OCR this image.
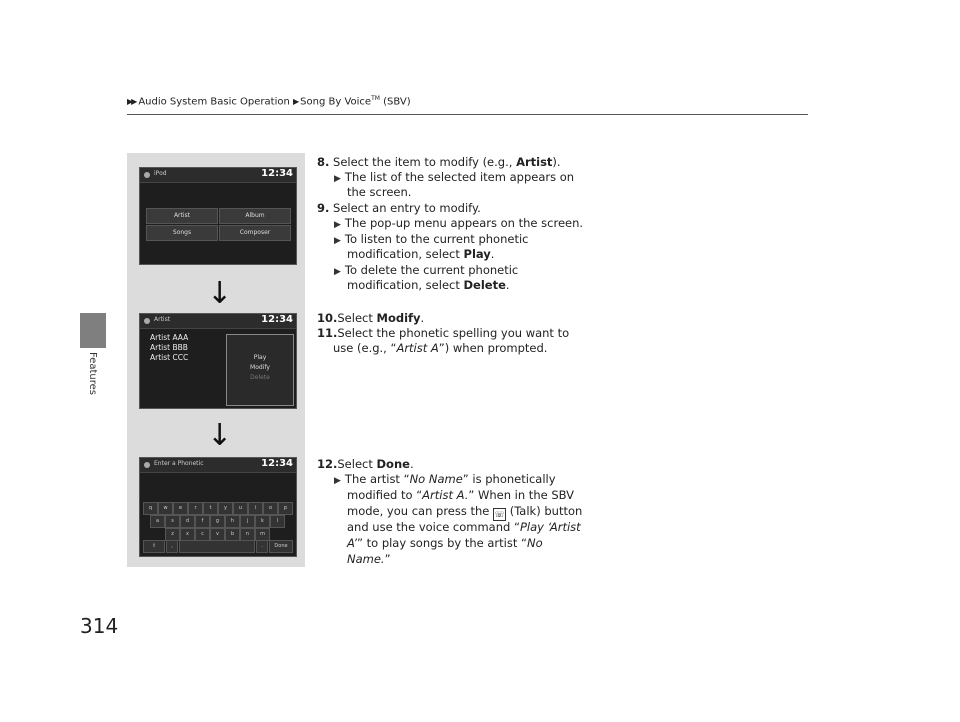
▶▶ Audio System Basic Operation ▶ Song By Voice™ (SBV)
Features
314
iPod	12:34
Artist	Album
Songs	Composer
↓
Artist	12:34
Artist AAA
Artist BBB
Artist CCC	Play
Modify
Delete
↓
Enter a Phonetic	12:34
q	w	e	r	t	y	u	i	o	p
a	s	d	f	g	h	j	k	l
z	x	c	v	b	n	m
⇧	,	.	Done
8. Select the item to modify (e.g., Artist).
▶ The list of the selected item appears on
the screen.
9. Select an entry to modify.
▶ The pop-up menu appears on the screen.
▶ To listen to the current phonetic
modification, select Play.
▶ To delete the current phonetic
modification, select Delete.
10.Select Modify.
11.Select the phonetic spelling you want to
use (e.g., “Artist A”) when prompted.
12.Select Done.
▶ The artist “No Name” is phonetically
modified to “Artist A.” When in the SBV
mode, you can press the ☏ (Talk) button
and use the voice command “Play ‘Artist
A’” to play songs by the artist “No
Name.”
